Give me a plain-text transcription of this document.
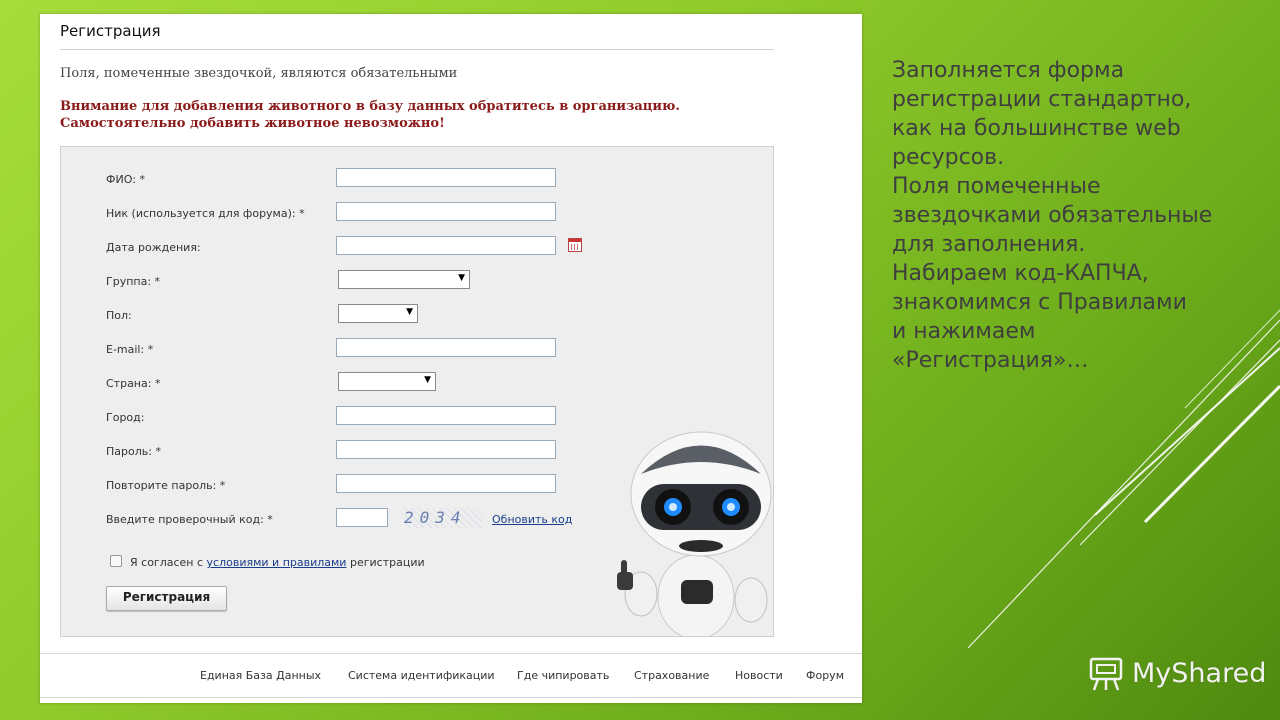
Регистрация
Поля, помеченные звездочкой, являются обязательными
Внимание для добавления животного в базу данных обратитесь в организацию.
Самостоятельно добавить животное невозможно!
ФИО: *
Ник (используется для форума): *
Дата рождения:
Группа: *	▼
Пол:	▼
E-mail: *
Страна: *	▼
Город:
Пароль: *
Повторите пароль: *
Введите проверочный код: *	2034	Обновить код
Я согласен с условиями и правилами регистрации
Регистрация
Единая База Данных Система идентификации Где чипировать Страхование Новости Форум
Заполняется форма
регистрации стандартно,
как на большинстве web
ресурсов.
Поля помеченные
звездочками обязательные
для заполнения.
Набираем код-КАПЧА,
знакомимся с Правилами
и нажимаем
«Регистрация»…
MyShared
